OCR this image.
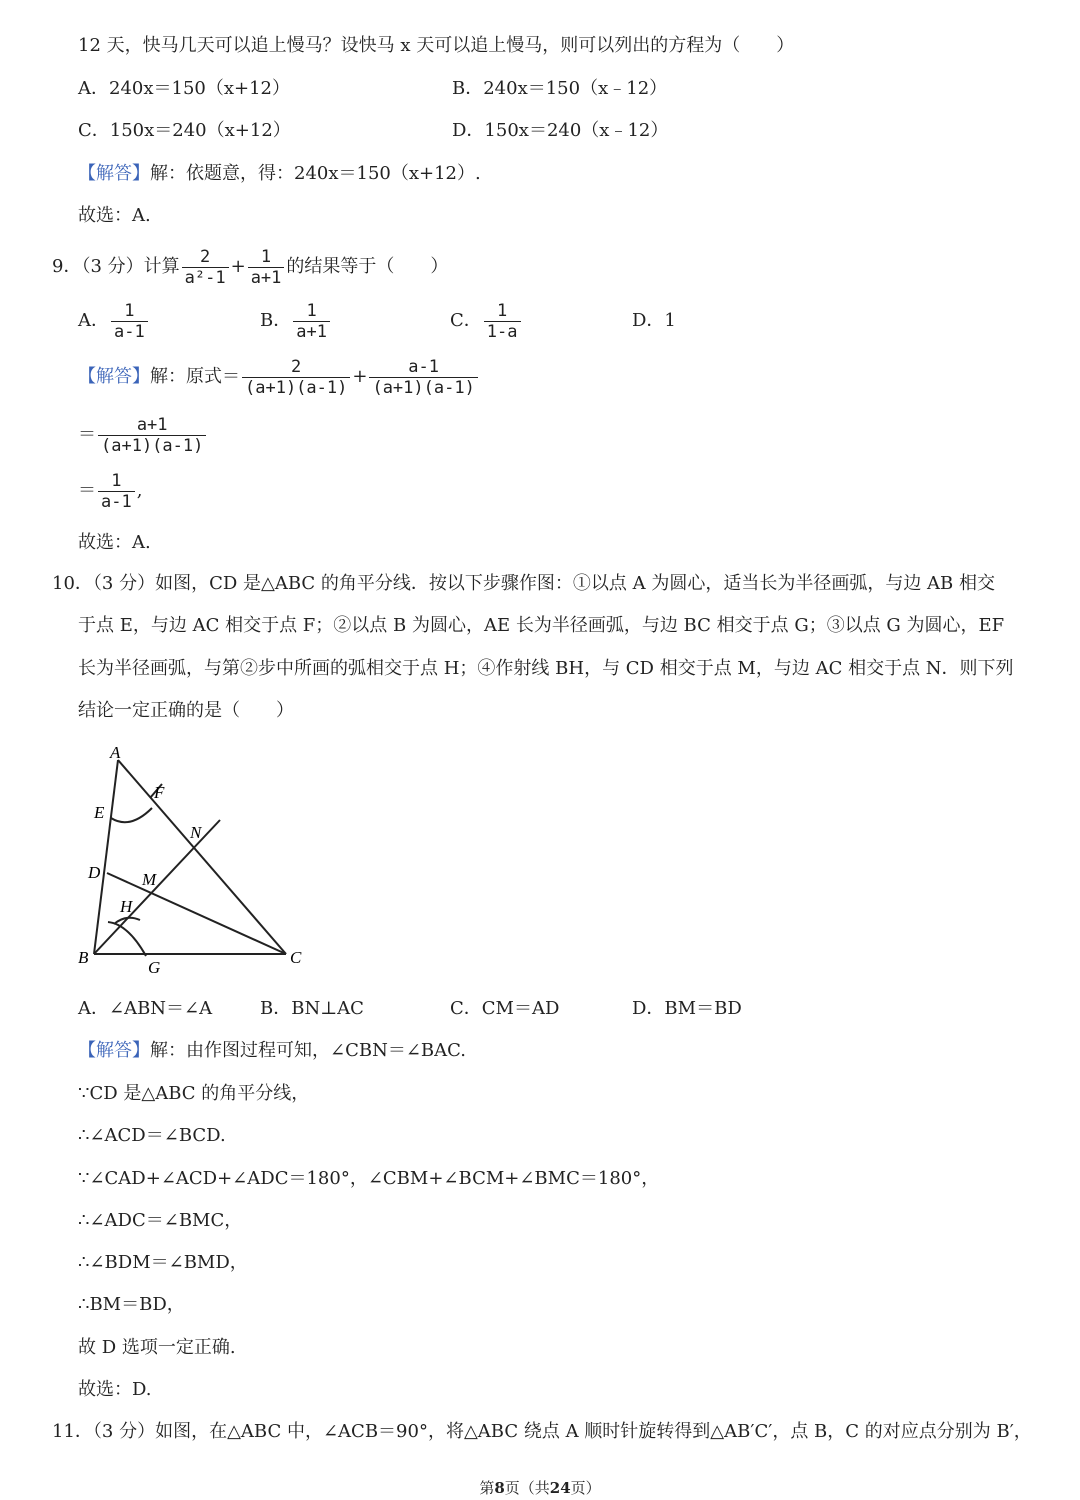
12 天，快马几天可以追上慢马？设快马 x 天可以追上慢马，则可以列出的方程为（　　）
A．240x＝150（x+12）	B．240x＝150（x﹣12）
C．150x＝240（x+12）	D．150x＝240（x﹣12）
【解答】解：依题意，得：240x＝150（x+12）.
故选：A.
9．（3 分）计算 $\frac{2}{\text{a²-1}} + \frac{1}{a+1}$ 的结果等于（　　）
A． $\frac{1}{a-1}$	B． $\frac{1}{a+1}$	C． $\frac{1}{1-a}$	D．1
【解答】解：原式＝ $\frac{2}{(a+1)(a-1)} + \frac{a-1}{(a+1)(a-1)}$
＝ $\frac{a+1}{(a+1)(a-1)}$
＝ $\frac{1}{a-1}$ ,
故选：A.
10．（3 分）如图，CD 是△ABC 的角平分线．按以下步骤作图：①以点 A 为圆心，适当长为半径画弧，与边 AB 相交
于点 E，与边 AC 相交于点 F；②以点 B 为圆心，AE 长为半径画弧，与边 BC 相交于点 G；③以点 G 为圆心，EF
长为半径画弧，与第②步中所画的弧相交于点 H；④作射线 BH，与 CD 相交于点 M，与边 AC 相交于点 N．则下列
结论一定正确的是（　　）
A
E
F
N
D M
H
B
G
C
A．∠ABN＝∠A	B．BN⊥AC	C．CM＝AD	D．BM＝BD
【解答】解：由作图过程可知，∠CBN＝∠BAC.
∵CD 是△ABC 的角平分线，
∴∠ACD＝∠BCD.
∵∠CAD+∠ACD+∠ADC＝180°，∠CBM+∠BCM+∠BMC＝180°，
∴∠ADC＝∠BMC，
∴∠BDM＝∠BMD，
∴BM＝BD，
故 D 选项一定正确.
故选：D.
11．（3 分）如图，在△ABC 中，∠ACB＝90°，将△ABC 绕点 A 顺时针旋转得到△AB′C′，点 B，C 的对应点分别为 B′，
第8页（共24页）
